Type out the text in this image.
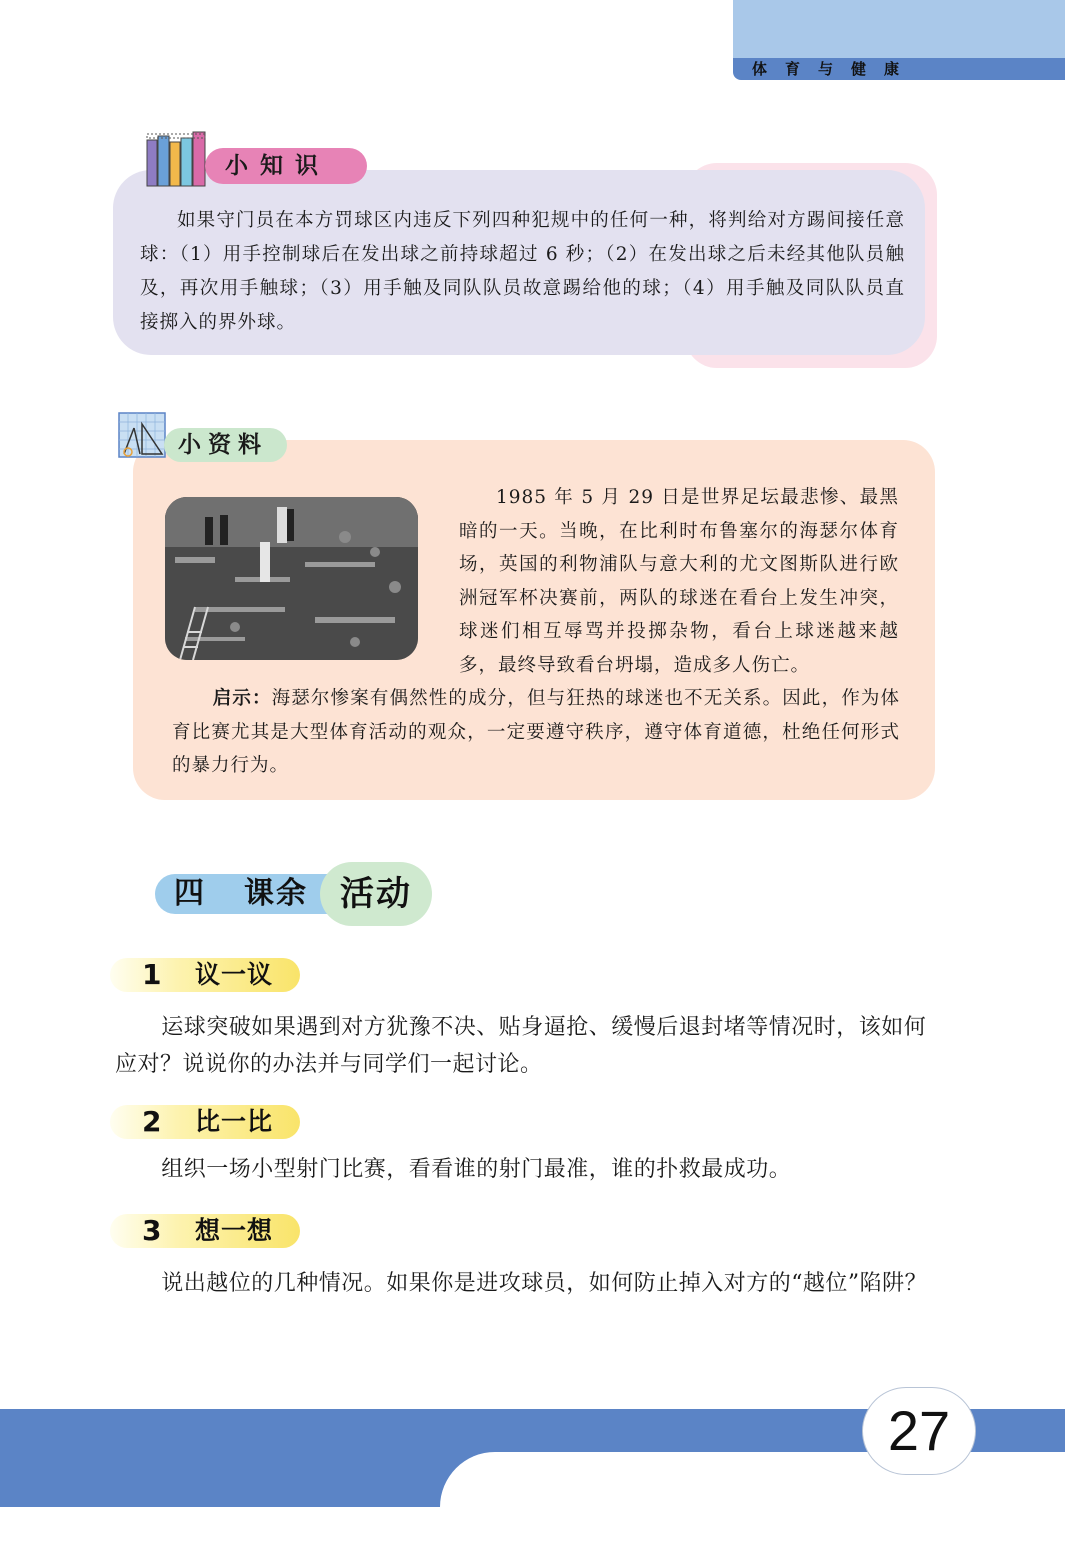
体育与健康
小知识

如果守门员在本方罚球区内违反下列四种犯规中的任何一种，将判给对方踢间接任意球：（1）用手控制球后在发出球之前持球超过 6 秒；（2）在发出球之后未经其他队员触及，再次用手触球；（3）用手触及同队队员故意踢给他的球；（4）用手触及同队队员直接掷入的界外球。

小资料

1985 年 5 月 29 日是世界足坛最悲惨、最黑暗的一天。当晚，在比利时布鲁塞尔的海瑟尔体育场，英国的利物浦队与意大利的尤文图斯队进行欧洲冠军杯决赛前，两队的球迷在看台上发生冲突，球迷们相互辱骂并投掷杂物，看台上球迷越来越多，最终导致看台坍塌，造成多人伤亡。

启示：海瑟尔惨案有偶然性的成分，但与狂热的球迷也不无关系。因此，作为体育比赛尤其是大型体育活动的观众，一定要遵守秩序，遵守体育道德，杜绝任何形式的暴力行为。

四 课余 活动
1 议一议

运球突破如果遇到对方犹豫不决、贴身逼抢、缓慢后退封堵等情况时，该如何应对？说说你的办法并与同学们一起讨论。

2 比一比

组织一场小型射门比赛，看看谁的射门最准，谁的扑救最成功。

3 想一想

说出越位的几种情况。如果你是进攻球员，如何防止掉入对方的“越位”陷阱？

27
